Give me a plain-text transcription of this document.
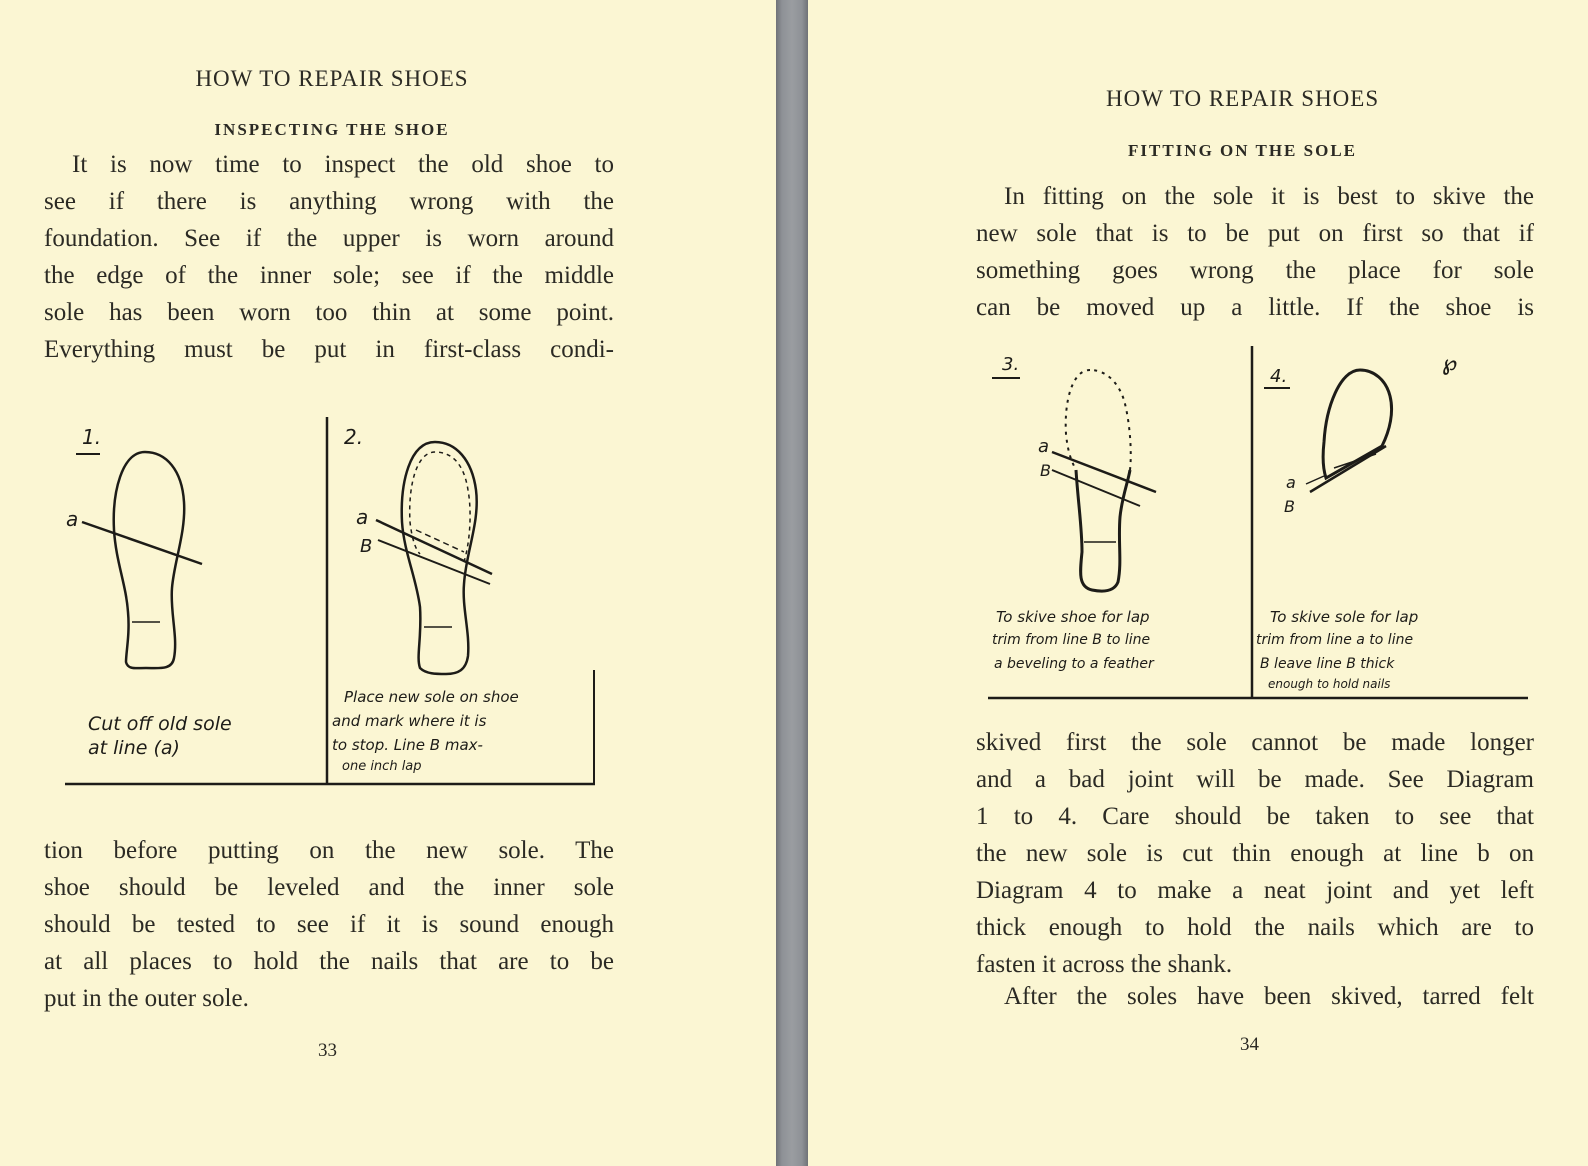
HOW TO REPAIR SHOES
INSPECTING THE SHOE
It is now time to inspect the old shoe to
see if there is anything wrong with the
foundation. See if the upper is worn around
the edge of the inner sole; see if the middle
sole has been worn too thin at some point.
Everything must be put in first-class condi-
1.
a
Cut off old sole
at line (a)
2.
a
B
Place new sole on shoe
and mark where it is
to stop. Line B max-
one inch lap
tion before putting on the new sole. The
shoe should be leveled and the inner sole
should be tested to see if it is sound enough
at all places to hold the nails that are to be
put in the outer sole.
33
HOW TO REPAIR SHOES
FITTING ON THE SOLE
In fitting on the sole it is best to skive the
new sole that is to be put on first so that if
something goes wrong the place for sole
can be moved up a little. If the shoe is
3.
a
B
To skive shoe for lap
trim from line B to line
a beveling to a feather
4.
a
B
℘
To skive sole for lap
trim from line a to line
B leave line B thick
enough to hold nails
skived first the sole cannot be made longer
and a bad joint will be made. See Diagram
1 to 4. Care should be taken to see that
the new sole is cut thin enough at line b on
Diagram 4 to make a neat joint and yet left
thick enough to hold the nails which are to
fasten it across the shank.
After the soles have been skived, tarred felt
34
